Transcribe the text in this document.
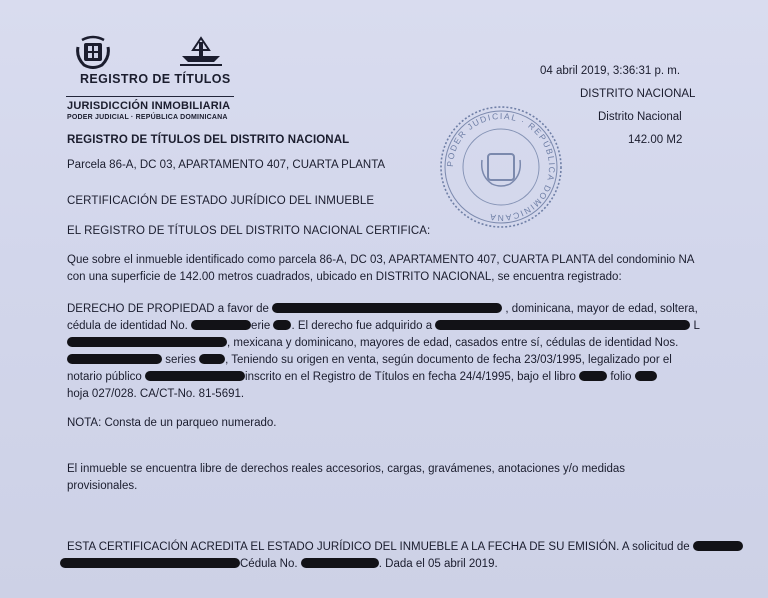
REGISTRO DE TÍTULOS
JURISDICCIÓN INMOBILIARIA
PODER JUDICIAL · REPÚBLICA DOMINICANA
04 abril 2019, 3:36:31 p. m.
DISTRITO NACIONAL
Distrito Nacional
142.00 M2
PODER JUDICIAL · REPÚBLICA DOMINICANA
REGISTRO DE TÍTULOS DEL DISTRITO NACIONAL
Parcela 86-A, DC 03, APARTAMENTO 407, CUARTA PLANTA
CERTIFICACIÓN DE ESTADO JURÍDICO DEL INMUEBLE
EL REGISTRO DE TÍTULOS DEL DISTRITO NACIONAL CERTIFICA:
Que sobre el inmueble identificado como parcela 86-A, DC 03, APARTAMENTO 407, CUARTA PLANTA del condominio NA
con una superficie de 142.00 metros cuadrados, ubicado en DISTRITO NACIONAL, se encuentra registrado:
DERECHO DE PROPIEDAD a favor de	, dominicana, mayor de edad, soltera,
cédula de identidad No.	erie . El derecho fue adquirido a	L
, mexicana y dominicano, mayores de edad, casados entre sí, cédulas de identidad Nos.
series	, Teniendo su origen en venta, según documento de fecha 23/03/1995, legalizado por el
notario público	inscrito en el Registro de Títulos en fecha 24/4/1995, bajo el libro	folio
hoja 027/028. CA/CT-No. 81-5691.
NOTA: Consta de un parqueo numerado.
El inmueble se encuentra libre de derechos reales accesorios, cargas, gravámenes, anotaciones y/o medidas
provisionales.
ESTA CERTIFICACIÓN ACREDITA EL ESTADO JURÍDICO DEL INMUEBLE A LA FECHA DE SU EMISIÓN. A solicitud de
Cédula No.	. Dada el 05 abril 2019.
